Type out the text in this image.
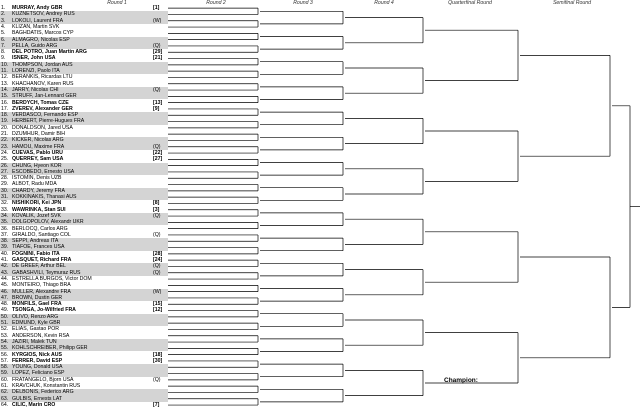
Round 1	Round 2	Round 3	Round 4	Quarterfinal Round	Semifinal Round
1.	MURRAY, Andy GBR	[1]
2.	KUZNETSOV, Andrey RUS
3.	LOKOLI, Laurent FRA	(W)
4.	KLIZAN, Martin SVK
5.	BAGHDATIS, Marcos CYP
6.	ALMAGRO, Nicolas ESP
7.	PELLA, Guido ARG	(Q)
8.	DEL POTRO, Juan Martin ARG	[29]
9.	ISNER, John USA	[21]
10. THOMPSON, Jordan AUS
11. LORENZI, Paolo ITA
12. BERANKIS, Ricardas LTU
13. KHACHANOV, Karen RUS
14. JARRY, Nicolas CHI	(Q)
15. STRUFF, Jan-Lennard GER
16. BERDYCH, Tomas CZE	[13]
17. ZVEREV, Alexander GER	[9]
18. VERDASCO, Fernando ESP
19. HERBERT, Pierre-Hugues FRA
20. DONALDSON, Jared USA
21. DZUMHUR, Damir BIH
22. KICKER, Nicolas ARG
23. HAMOU, Maxime FRA	(Q)
24. CUEVAS, Pablo URU	[22]
25. QUERREY, Sam USA	[27]
26. CHUNG, Hyeon KOR
27. ESCOBEDO, Ernesto USA
28. ISTOMIN, Denis UZB
29. ALBOT, Radu MDA
30. CHARDY, Jeremy FRA
31. KOKKINAKIS, Thanasi AUS
32. NISHIKORI, Kei JPN	[8]
33. WAWRINKA, Stan SUI	[3]
34. KOVALIK, Jozef SVK	(Q)
35. DOLGOPOLOV, Alexandr UKR
36. BERLOCQ, Carlos ARG
37. GIRALDO, Santiago COL	(Q)
38. SEPPI, Andreas ITA
39. TIAFOE, Frances USA
40. FOGNINI, Fabio ITA	[28]
41. GASQUET, Richard FRA	[24]
42. DE GREEF, Arthur BEL	(Q)
43. GABASHVILI, Teymuraz RUS	(Q)
44. ESTRELLA BURGOS, Victor DOM
45. MONTEIRO, Thiago BRA
46. MULLER, Alexandre FRA	(W)
47. BROWN, Dustin GER
48. MONFILS, Gael FRA	[15]
49. TSONGA, Jo-Wilfried FRA	[12]
50. OLIVO, Renzo ARG
51. EDMUND, Kyle GBR
52. ELIAS, Gastao POR
53. ANDERSON, Kevin RSA
54. JAZIRI, Malek TUN
55. KOHLSCHREIBER, Philipp GER
56. KYRGIOS, Nick AUS	[18]
57. FERRER, David ESP	[30]
58. YOUNG, Donald USA
59. LOPEZ, Feliciano ESP
60. FRATANGELO, Bjorn USA	(Q)
61. KRAVCHUK, Konstantin RUS
62. DELBONIS, Federico ARG
63. GULBIS, Ernests LAT
64. CILIC, Marin CRO	[7]
Champion:
